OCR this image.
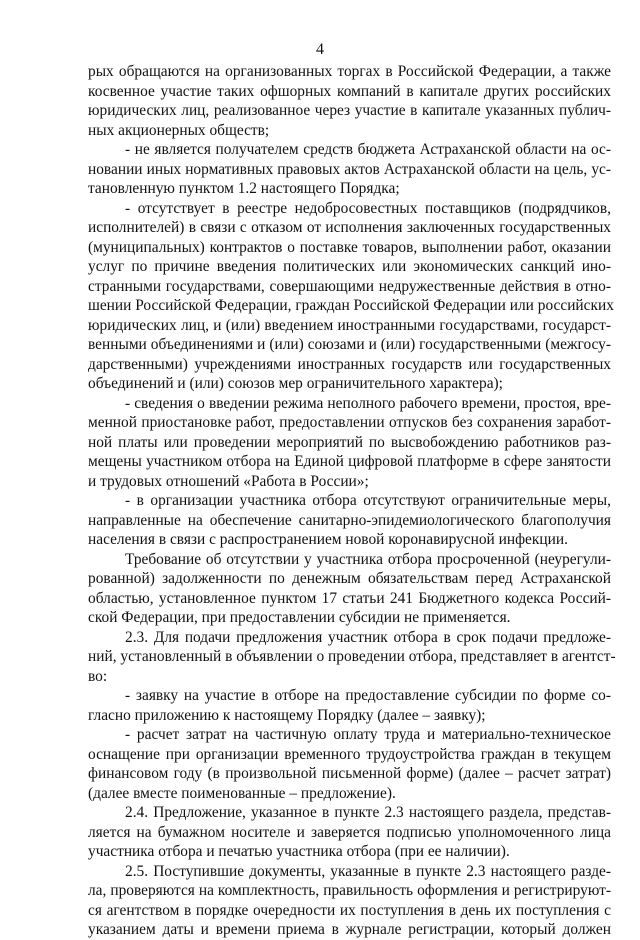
4
рых обращаются на организованных торгах в Российской Федерации, а также
косвенное участие таких офшорных компаний в капитале других российских
юридических лиц, реализованное через участие в капитале указанных публич-
ных акционерных обществ;
- не является получателем средств бюджета Астраханской области на ос-
новании иных нормативных правовых актов Астраханской области на цель, ус-
тановленную пунктом 1.2 настоящего Порядка;
- отсутствует в реестре недобросовестных поставщиков (подрядчиков,
исполнителей) в связи с отказом от исполнения заключенных государственных
(муниципальных) контрактов о поставке товаров, выполнении работ, оказании
услуг по причине введения политических или экономических санкций ино-
странными государствами, совершающими недружественные действия в отно-
шении Российской Федерации, граждан Российской Федерации или российских
юридических лиц, и (или) введением иностранными государствами, государст-
венными объединениями и (или) союзами и (или) государственными (межгосу-
дарственными) учреждениями иностранных государств или государственных
объединений и (или) союзов мер ограничительного характера);
- сведения о введении режима неполного рабочего времени, простоя, вре-
менной приостановке работ, предоставлении отпусков без сохранения заработ-
ной платы или проведении мероприятий по высвобождению работников раз-
мещены участником отбора на Единой цифровой платформе в сфере занятости
и трудовых отношений «Работа в России»;
- в организации участника отбора отсутствуют ограничительные меры,
направленные на обеспечение санитарно-эпидемиологического благополучия
населения в связи с распространением новой коронавирусной инфекции.
Требование об отсутствии у участника отбора просроченной (неурегули-
рованной) задолженности по денежным обязательствам перед Астраханской
областью, установленное пунктом 17 статьи 241 Бюджетного кодекса Россий-
ской Федерации, при предоставлении субсидии не применяется.
2.3. Для подачи предложения участник отбора в срок подачи предложе-
ний, установленный в объявлении о проведении отбора, представляет в агентст-
во:
- заявку на участие в отборе на предоставление субсидии по форме со-
гласно приложению к настоящему Порядку (далее – заявку);
- расчет затрат на частичную оплату труда и материально-техническое
оснащение при организации временного трудоустройства граждан в текущем
финансовом году (в произвольной письменной форме) (далее – расчет затрат)
(далее вместе поименованные – предложение).
2.4. Предложение, указанное в пункте 2.3 настоящего раздела, представ-
ляется на бумажном носителе и заверяется подписью уполномоченного лица
участника отбора и печатью участника отбора (при ее наличии).
2.5. Поступившие документы, указанные в пункте 2.3 настоящего разде-
ла, проверяются на комплектность, правильность оформления и регистрируют-
ся агентством в порядке очередности их поступления в день их поступления с
указанием даты и времени приема в журнале регистрации, который должен
